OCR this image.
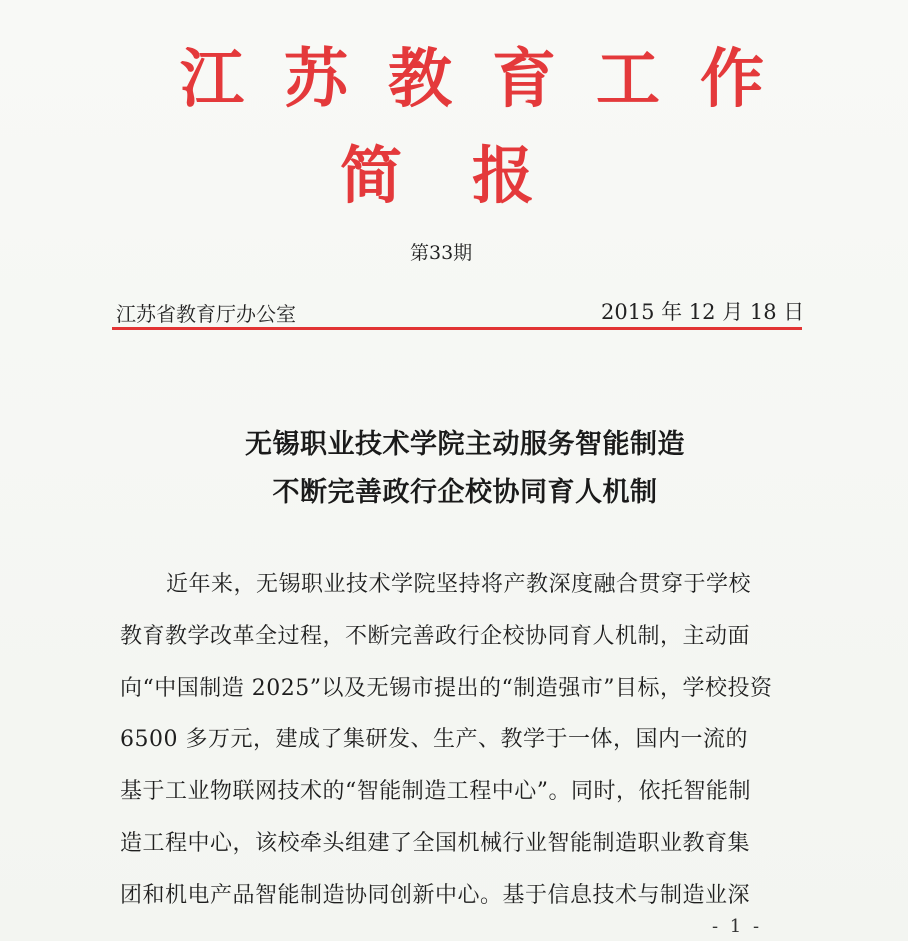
江苏教育工作
简报
第33期
江苏省教育厅办公室	2015 年 12 月 18 日
无锡职业技术学院主动服务智能制造
不断完善政行企校协同育人机制
近年来，无锡职业技术学院坚持将产教深度融合贯穿于学校
教育教学改革全过程，不断完善政行企校协同育人机制，主动面
向“中国制造 2025”以及无锡市提出的“制造强市”目标，学校投资
6500 多万元，建成了集研发、生产、教学于一体，国内一流的
基于工业物联网技术的“智能制造工程中心”。同时，依托智能制
造工程中心，该校牵头组建了全国机械行业智能制造职业教育集
团和机电产品智能制造协同创新中心。基于信息技术与制造业深
- 1 -
